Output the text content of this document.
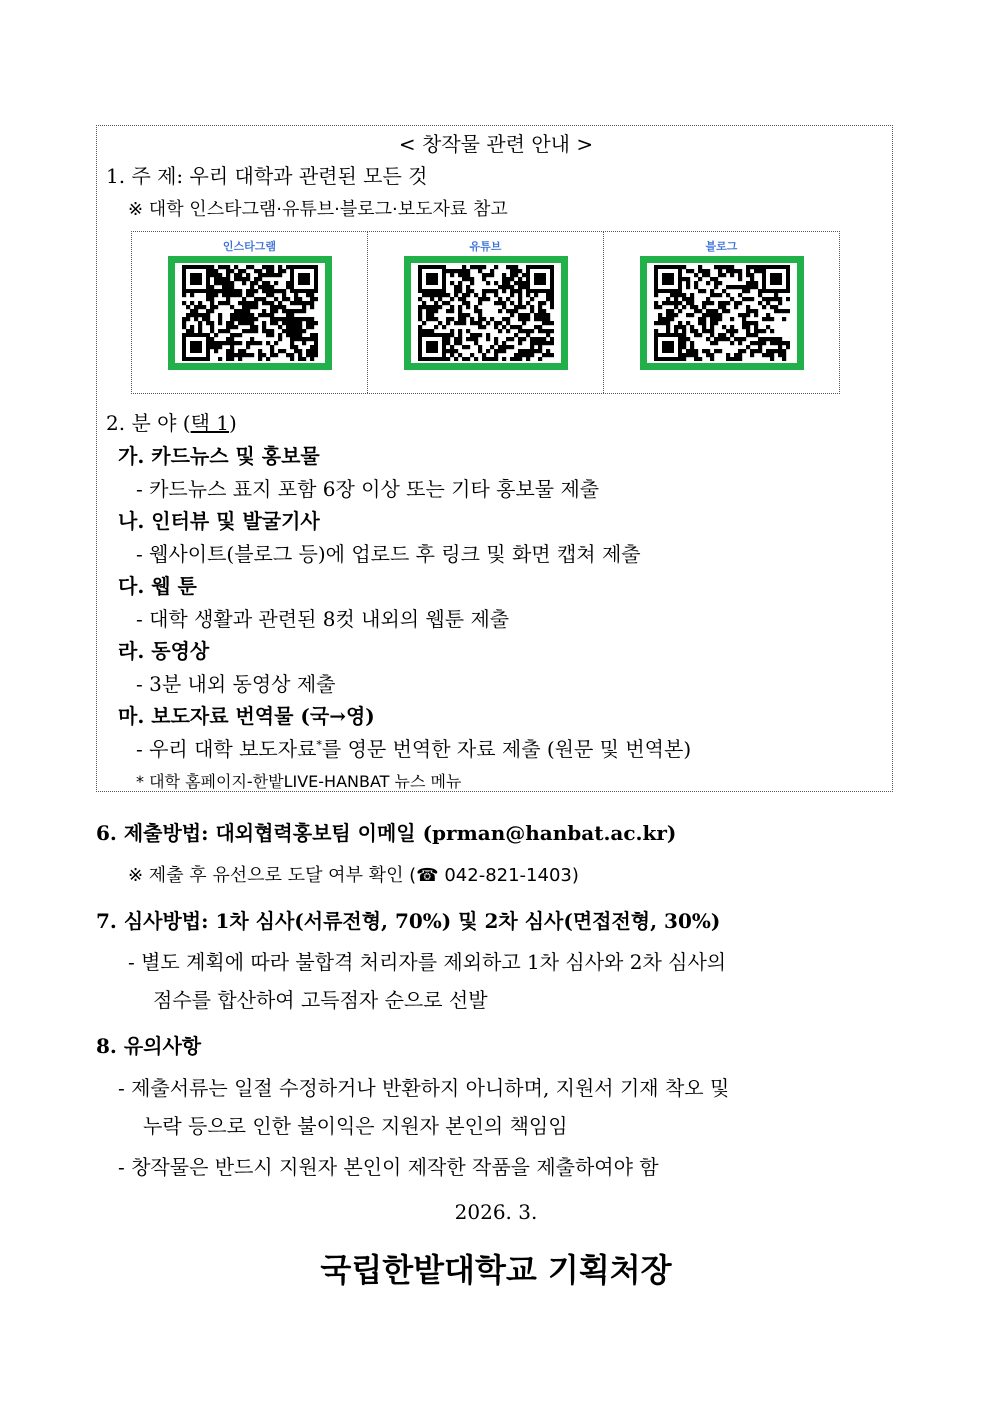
< 창작물 관련 안내 >
1. 주 제: 우리 대학과 관련된 모든 것
※ 대학 인스타그램·유튜브·블로그·보도자료 참고
인스타그램	유튜브	블로그
2. 분 야 (택 1)
가. 카드뉴스 및 홍보물
- 카드뉴스 표지 포함 6장 이상 또는 기타 홍보물 제출
나. 인터뷰 및 발굴기사
- 웹사이트(블로그 등)에 업로드 후 링크 및 화면 캡쳐 제출
다. 웹 툰
- 대학 생활과 관련된 8컷 내외의 웹툰 제출
라. 동영상
- 3분 내외 동영상 제출
마. 보도자료 번역물 (국→영)
- 우리 대학 보도자료*를 영문 번역한 자료 제출 (원문 및 번역본)
* 대학 홈페이지-한밭LIVE-HANBAT 뉴스 메뉴
6. 제출방법: 대외협력홍보팀 이메일 (prman@hanbat.ac.kr)
※ 제출 후 유선으로 도달 여부 확인 (☎ 042-821-1403)
7. 심사방법: 1차 심사(서류전형, 70%) 및 2차 심사(면접전형, 30%)
- 별도 계획에 따라 불합격 처리자를 제외하고 1차 심사와 2차 심사의
점수를 합산하여 고득점자 순으로 선발
8. 유의사항
- 제출서류는 일절 수정하거나 반환하지 아니하며, 지원서 기재 착오 및
누락 등으로 인한 불이익은 지원자 본인의 책임임
- 창작물은 반드시 지원자 본인이 제작한 작품을 제출하여야 함
2026. 3.
국립한밭대학교 기획처장
